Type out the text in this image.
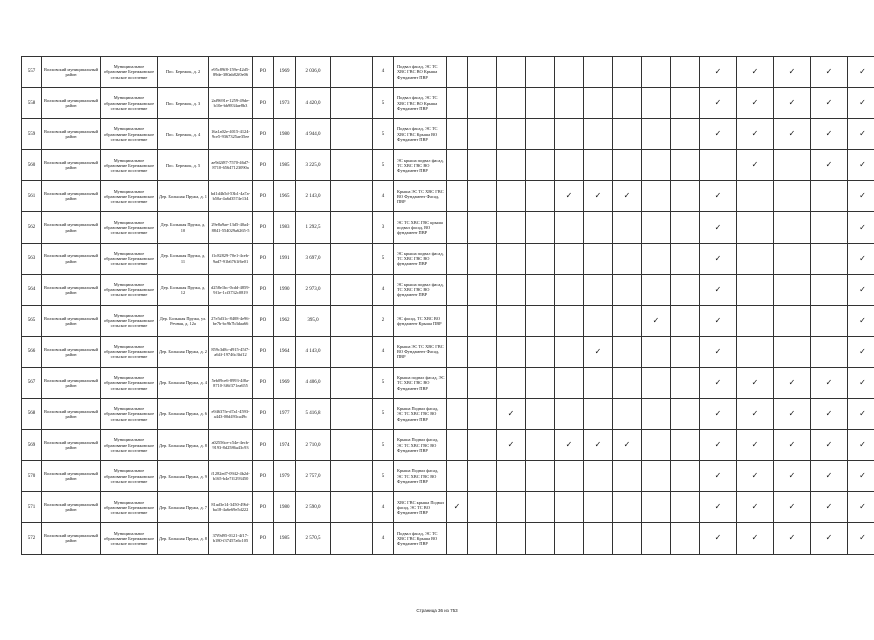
557	Волховский муниципальный район	Муниципальное образование Бережковское сельское поселение	Пос. Бережок, д. 2	e95c89f8-159e-42d5-89de-380ab82f0e06	РО	1969	2 036,0		4	Подвал фасад, ЭС ТС ХВС ГВС ВО Крыша Фундамент ПВР										✓	✓	✓	✓	✓
558	Волховский муниципальный район	Муниципальное образование Бережковское сельское поселение	Пос. Бережок, д. 3	2af9691e-1259-49de-b10e-bb9834ae8b3	РО	1973	4 420,0		5	Подвал фасад, ЭС ТС ХВС ГВС ВО Крыша Фундамент ПВР										✓	✓	✓	✓	✓
559	Волховский муниципальный район	Муниципальное образование Бережковское сельское поселение	Пос. Бережок, д. 4	16a1a02e-4015-4124-9ce5-9367325ae35ee	РО	1980	4 944,0		5	Подвал фасад, ЭС ТС ХВС ГВС Крыша ВО Фундамент ПВР										✓	✓	✓	✓	✓
560	Волховский муниципальный район	Муниципальное образование Бережковское сельское поселение	Пос. Бережок, д. 5	ae9d2f87-7570-46d7-8710-65647123090a	РО	1985	3 225,0		5	ЭС крыша подвал фасад, ТС ХВС ГВС ВО Фундамент ПВР											✓		✓	✓
561	Волховский муниципальный район	Муниципальное образование Бережковское сельское поселение	Дер. Большая Пружа, д. 1	bd1d4b5d-53b1-4a7a-b50a-4a6d3574e134	РО	1965	2 143,0		4	Крыша ЭС ТС ХВС ГВС ВО Фундамент Фасад, ПВР					✓	✓	✓			✓				✓
562	Волховский муниципальный район	Муниципальное образование Бережковское сельское поселение	Дер. Большая Пружа, д. 10	29e8a9ae-13d5-40a4-8841-554029a6265-5	РО	1983	1 292,5		3	ЭС ТС ХВС ГВС крыша подвал фасад, ВО фундамент ПВР										✓				✓
563	Волховский муниципальный район	Муниципальное образование Бережковское сельское поселение	Дер. Большая Пружа, д. 11	f1c82829-70e1-4ceb-9ad7-91b6761f6e01	РО	1991	3 697,0		5	ЭС крыша подвал фасад, ТС ХВС ГВС ВО фундамент ПВР										✓				✓
564	Волховский муниципальный район	Муниципальное образование Бережковское сельское поселение	Дер. Большая Пружа, д. 12	d258e1bc-0cdd-4859-9f1e-1cf3732c0819	РО	1990	2 973,0		4	ЭС крыша подвал фасад, ТС ХВС ГВС ВО фундамент ПВР										✓				✓
565	Волховский муниципальный район	Муниципальное образование Бережковское сельское поселение	Дер. Большая Пружа, ул. Речная, д. 12а	27e5d31c-8408-4e96-be7b-bc9b7b3daa66	РО	1962	395,0		2	ЭС фасад, ТС ХВС ВО фундамент Крыша ПВР								✓		✓				✓
566	Волховский муниципальный район	Муниципальное образование Бережковское сельское поселение	Дер. Большая Пружа, д. 2	859c3d8c-d915-45f7-a64f-19746c3bf12	РО	1964	4 143,0		4	Крыша ЭС ТС ХВС ГВС ВО Фундамент Фасад, ПВР						✓				✓				✓
567	Волховский муниципальный район	Муниципальное образование Бережковское сельское поселение	Дер. Большая Пружа, д. 4	5eb09ce6-8993-4f8a-8710-3f6f371ea655	РО	1969	4 406,0		5	Крыша подвал фасад, ЭС ТС ХВС ГВС ВО Фундамент ПВР										✓	✓	✓	✓	✓
568	Волховский муниципальный район	Муниципальное образование Бережковское сельское поселение	Дер. Большая Пружа, д. 6	e94637fe-d7a1-4593-a443-00d493ca49c	РО	1977	5 416,8		5	Крыша Подвал фасад, ЭС ТС ХВС ГВС ВО Фундамент ПВР			✓							✓	✓	✓	✓	✓
569	Волховский муниципальный район	Муниципальное образование Бережковское сельское поселение	Дер. Большая Пружа, д. 8	a02556ce-c54e-4ecb-9193-8d2586a43c93	РО	1974	2 710,0		5	Крыша Подвал фасад, ЭС ТС ХВС ГВС ВО Фундамент ПВР			✓		✓	✓	✓			✓	✓	✓	✓	✓
570	Волховский муниципальный район	Муниципальное образование Бережковское сельское поселение	Дер. Большая Пружа, д. 9	f1282ed7-0942-4b2d-b165-b4e7f1293450	РО	1979	2 757,0		5	Крыша Подвал фасад, ЭС ТС ХВС ГВС ВО Фундамент ПВР										✓	✓	✓	✓	✓
571	Волховский муниципальный район	Муниципальное образование Бережковское сельское поселение	Дер. Большая Пружа, д. 7	81ad3e14-3450-49bf-ba18-4a6e69e5d222	РО	1980	2 590,0		4	ХВС ГВС крыша Подвал фасад, ЭС ТС ВО Фундамент ПВР	✓									✓	✓	✓	✓	✓
572	Волховский муниципальный район	Муниципальное образование Бережковское сельское поселение	Дер. Большая Пружа, д. 8	37f9d95-0121-4f17-b180-f37457a6c105	РО	1985	2 570,5		4	Подвал фасад, ЭС ТС ХВС ГВС Крыша ВО Фундамент ПВР										✓	✓	✓	✓	✓
Страница 36 из 753
